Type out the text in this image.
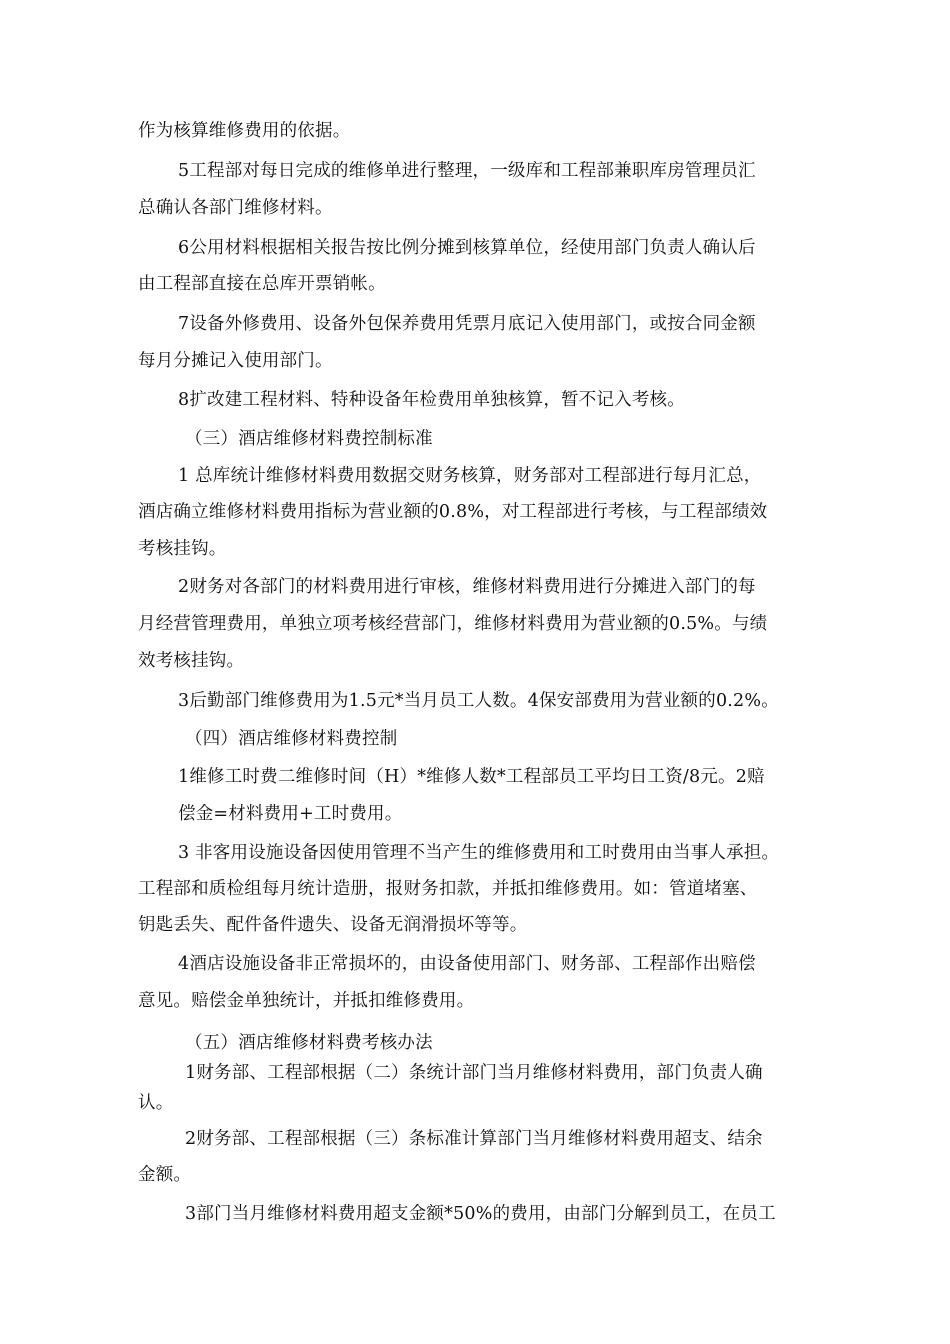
作为核算维修费用的依据。
5工程部对每日完成的维修单进行整理，一级库和工程部兼职库房管理员汇
总确认各部门维修材料。
6公用材料根据相关报告按比例分摊到核算单位，经使用部门负责人确认后
由工程部直接在总库开票销帐。
7设备外修费用、设备外包保养费用凭票月底记入使用部门，或按合同金额
每月分摊记入使用部门。
8扩改建工程材料、特种设备年检费用单独核算，暂不记入考核。
（三）酒店维修材料费控制标准
1 总库统计维修材料费用数据交财务核算，财务部对工程部进行每月汇总，
酒店确立维修材料费用指标为营业额的0.8%，对工程部进行考核，与工程部绩效
考核挂钩。
2财务对各部门的材料费用进行审核，维修材料费用进行分摊进入部门的每
月经营管理费用，单独立项考核经营部门，维修材料费用为营业额的0.5%。与绩
效考核挂钩。
3后勤部门维修费用为1.5元*当月员工人数。4保安部费用为营业额的0.2%。
（四）酒店维修材料费控制
1维修工时费二维修时间（H）*维修人数*工程部员工平均日工资/8元。2赔
偿金=材料费用+工时费用。
3 非客用设施设备因使用管理不当产生的维修费用和工时费用由当事人承担。
工程部和质检组每月统计造册，报财务扣款，并抵扣维修费用。如：管道堵塞、
钥匙丢失、配件备件遗失、设备无润滑损坏等等。
4酒店设施设备非正常损坏的，由设备使用部门、财务部、工程部作出赔偿
意见。赔偿金单独统计，并抵扣维修费用。
（五）酒店维修材料费考核办法
1财务部、工程部根据（二）条统计部门当月维修材料费用，部门负责人确
认。
2财务部、工程部根据（三）条标准计算部门当月维修材料费用超支、结余
金额。
3部门当月维修材料费用超支金额*50%的费用，由部门分解到员工，在员工
